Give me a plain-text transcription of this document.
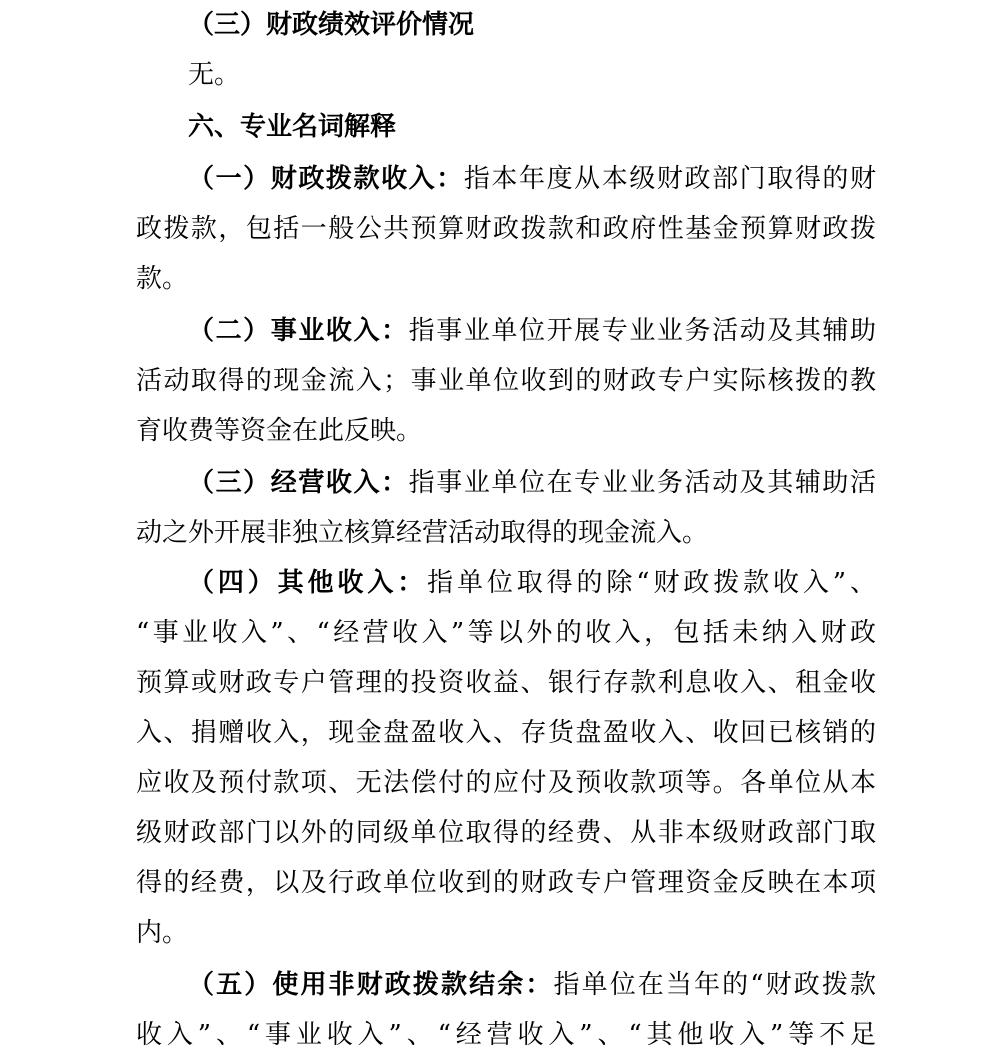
（三）财政绩效评价情况
无。
六、专业名词解释
（一）财政拨款收入：指本年度从本级财政部门取得的财
政拨款，包括一般公共预算财政拨款和政府性基金预算财政拨
款。
（二）事业收入：指事业单位开展专业业务活动及其辅助
活动取得的现金流入；事业单位收到的财政专户实际核拨的教
育收费等资金在此反映。
（三）经营收入：指事业单位在专业业务活动及其辅助活
动之外开展非独立核算经营活动取得的现金流入。
（四）其他收入：指单位取得的除“财政拨款收入”、
“事业收入”、“经营收入”等以外的收入，包括未纳入财政
预算或财政专户管理的投资收益、银行存款利息收入、租金收
入、捐赠收入，现金盘盈收入、存货盘盈收入、收回已核销的
应收及预付款项、无法偿付的应付及预收款项等。各单位从本
级财政部门以外的同级单位取得的经费、从非本级财政部门取
得的经费，以及行政单位收到的财政专户管理资金反映在本项
内。
（五）使用非财政拨款结余：指单位在当年的“财政拨款
收入”、“事业收入”、“经营收入”、“其他收入”等不足
